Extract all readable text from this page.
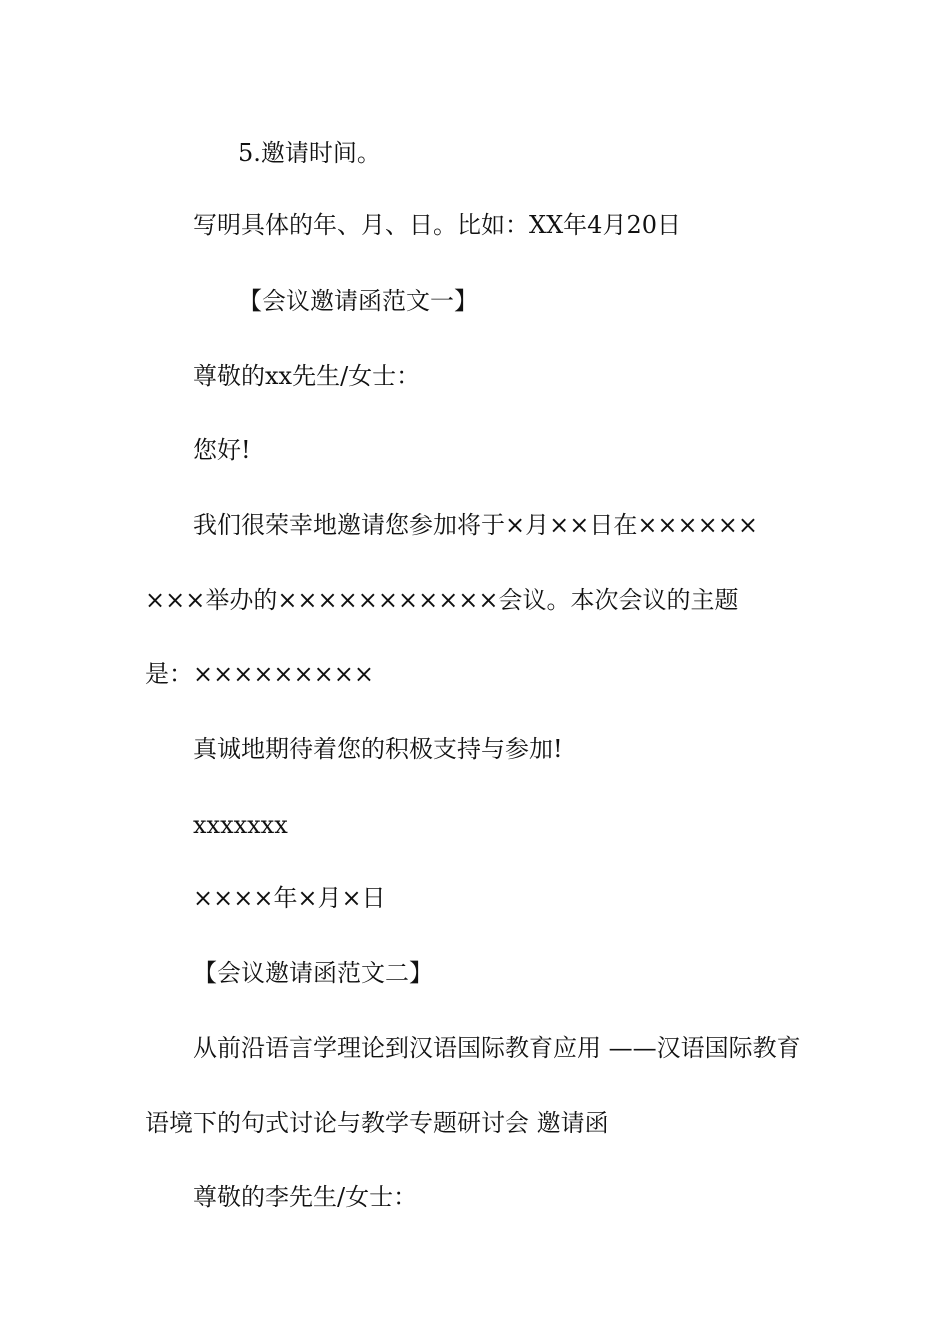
5.邀请时间。
写明具体的年、月、日。比如：XX年4月20日
【会议邀请函范文一】
尊敬的xx先生/女士：
您好!
我们很荣幸地邀请您参加将于×月××日在××××××
×××举办的×××××××××××会议。本次会议的主题
是：×××××××××
真诚地期待着您的积极支持与参加!
xxxxxxx
××××年×月×日
【会议邀请函范文二】
从前沿语言学理论到汉语国际教育应用 ——汉语国际教育
语境下的句式讨论与教学专题研讨会 邀请函
尊敬的李先生/女士：
